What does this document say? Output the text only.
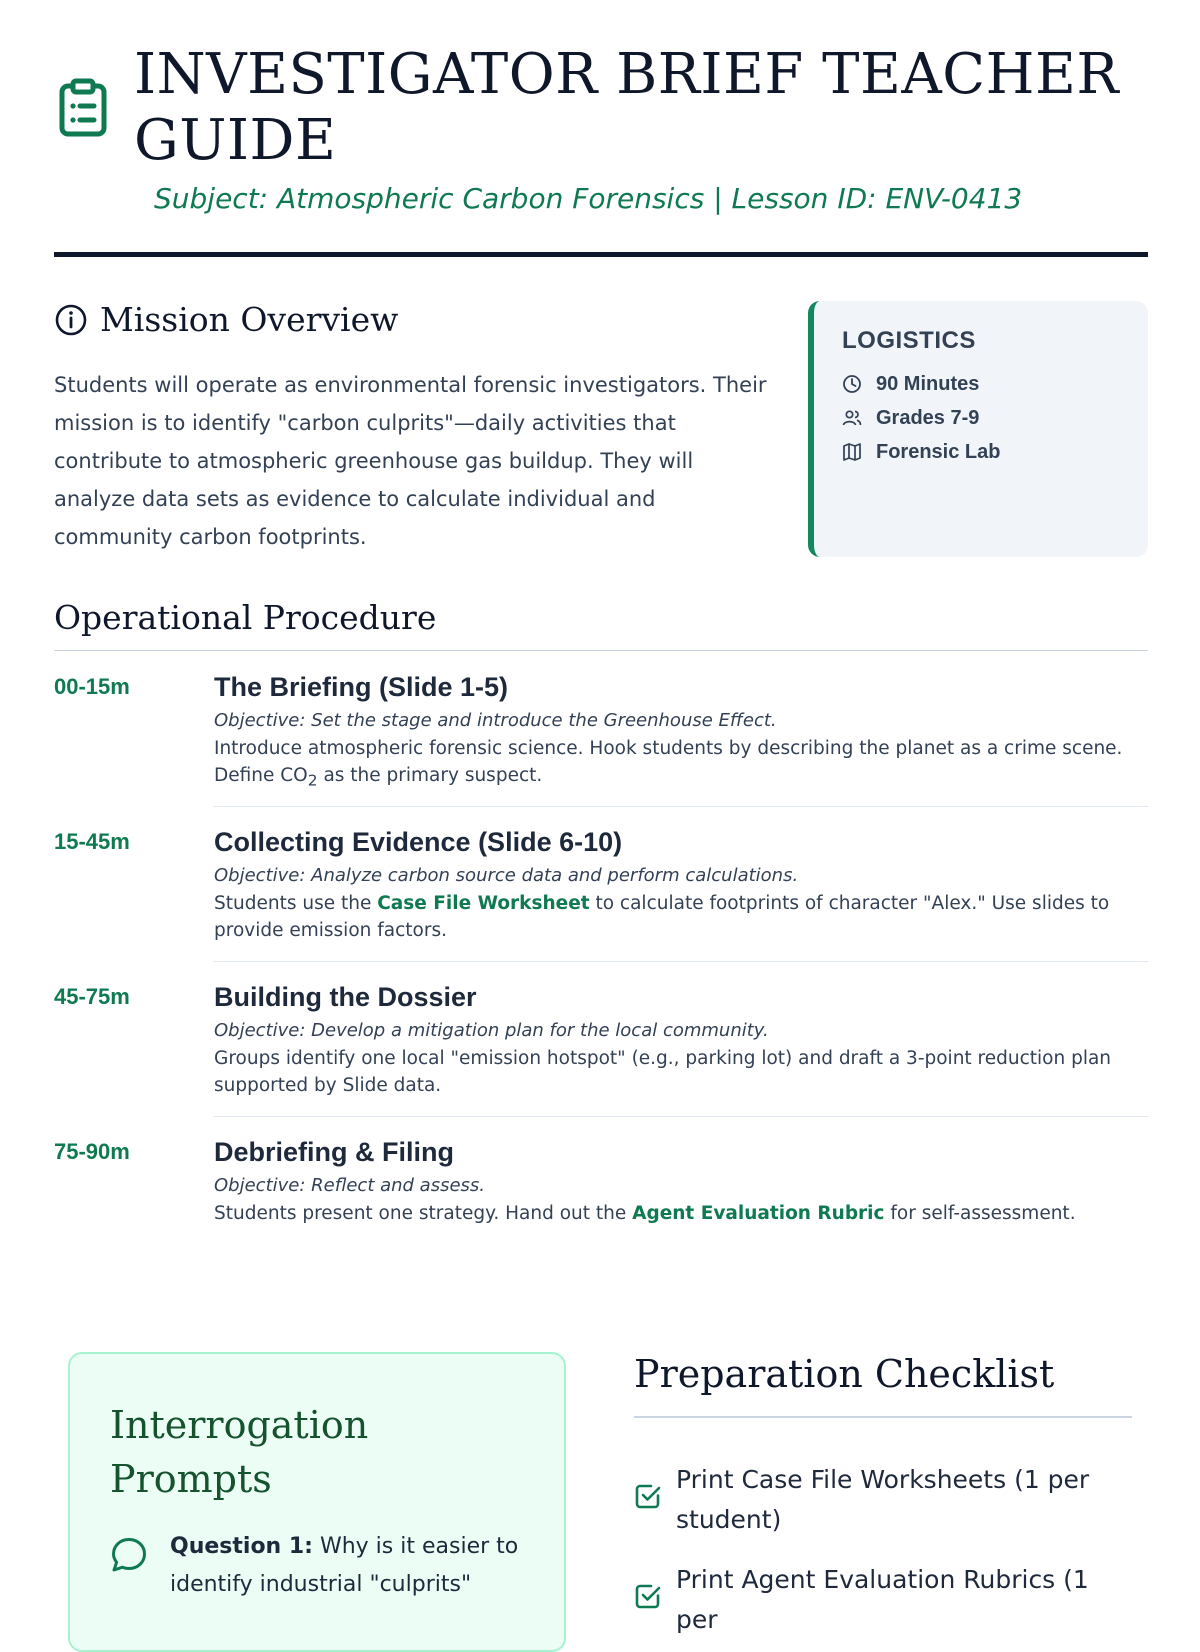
INVESTIGATOR BRIEF TEACHER GUIDE
Subject: Atmospheric Carbon Forensics | Lesson ID: ENV-0413
Mission Overview

Students will operate as environmental forensic investigators. Their mission is to identify "carbon culprits"—daily activities that contribute to atmospheric greenhouse gas buildup. They will analyze data sets as evidence to calculate individual and community carbon footprints.

LOGISTICS
90 Minutes
Grades 7-9
Forensic Lab
Operational Procedure
00-15m	The Briefing (Slide 1-5)
Objective: Set the stage and introduce the Greenhouse Effect.
Introduce atmospheric forensic science. Hook students by describing the planet as a crime scene. Define $CO_2$ as the primary suspect.
15-45m	Collecting Evidence (Slide 6-10)
Objective: Analyze carbon source data and perform calculations.
Students use the Case File Worksheet to calculate footprints of character "Alex." Use slides to provide emission factors.
45-75m	Building the Dossier
Objective: Develop a mitigation plan for the local community.
Groups identify one local "emission hotspot" (e.g., parking lot) and draft a 3-point reduction plan supported by Slide data.
75-90m	Debriefing & Filing
Objective: Reflect and assess.
Students present one strategy. Hand out the Agent Evaluation Rubric for self-assessment.
Interrogation Prompts

Question 1: Why is it easier to identify industrial "culprits"

Preparation Checklist

Print Case File Worksheets (1 per student)

Print Agent Evaluation Rubrics (1 per
